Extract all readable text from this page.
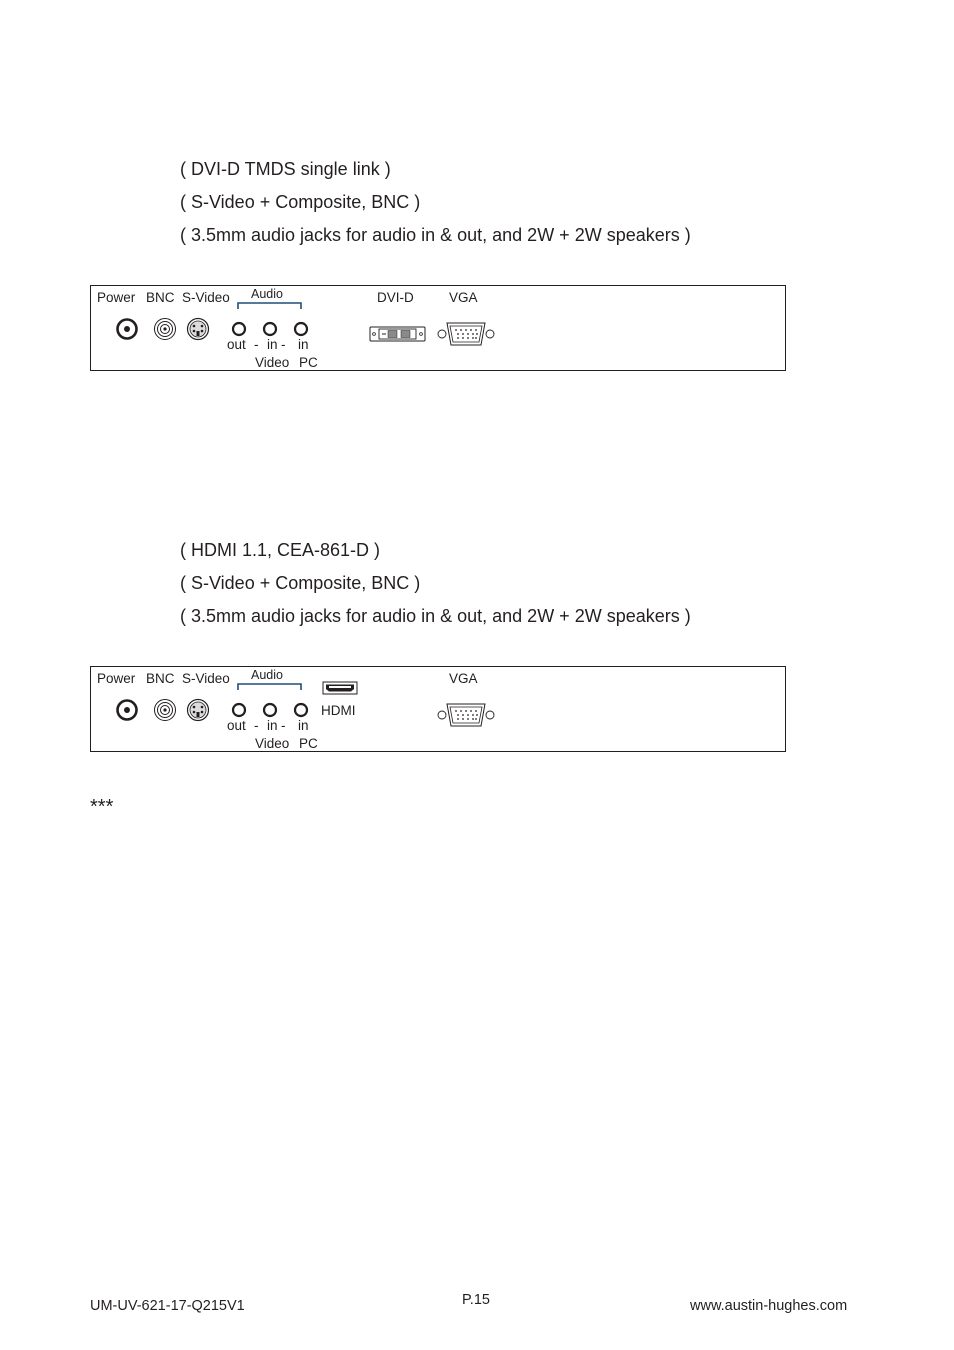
( DVI-D TMDS single link )
( S-Video + Composite, BNC )
( 3.5mm audio jacks for audio in & out, and 2W + 2W speakers )
Power BNC S-Video Audio
out - in - in
Video PC
DVI-D	VGA
( HDMI 1.1, CEA-861-D )
( S-Video + Composite, BNC )
( 3.5mm audio jacks for audio in & out, and 2W + 2W speakers )
Power BNC S-Video Audio
out - in - in
Video PC
HDMI
VGA
***
UM-UV-621-17-Q215V1	P.15	www.austin-hughes.com
